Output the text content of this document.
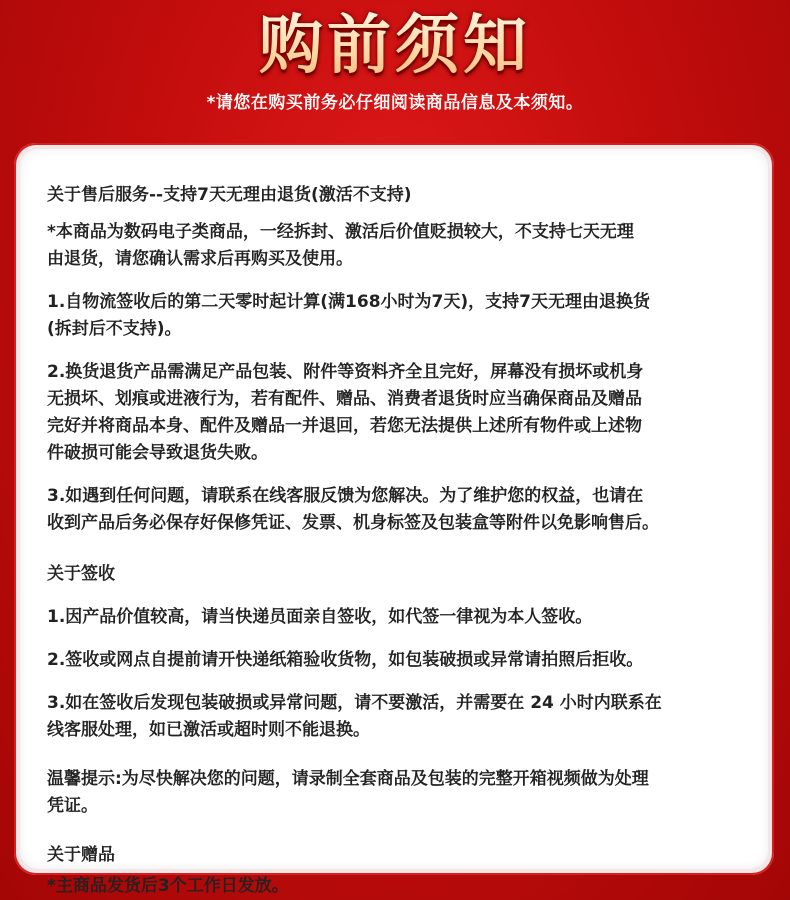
购前须知
*请您在购买前务必仔细阅读商品信息及本须知。
关于售后服务--支持7天无理由退货(激活不支持)
*本商品为数码电子类商品，一经拆封、激活后价值贬损较大，不支持七天无理
由退货，请您确认需求后再购买及使用。
1.自物流签收后的第二天零时起计算(满168小时为7天)，支持7天无理由退换货
(拆封后不支持)。
2.换货退货产品需满足产品包装、附件等资料齐全且完好，屏幕没有损坏或机身
无损坏、划痕或进液行为，若有配件、赠品、消费者退货时应当确保商品及赠品
完好并将商品本身、配件及赠品一并退回，若您无法提供上述所有物件或上述物
件破损可能会导致退货失败。
3.如遇到任何问题，请联系在线客服反馈为您解决。为了维护您的权益，也请在
收到产品后务必保存好保修凭证、发票、机身标签及包装盒等附件以免影响售后。
关于签收
1.因产品价值较高，请当快递员面亲自签收，如代签一律视为本人签收。
2.签收或网点自提前请开快递纸箱验收货物，如包装破损或异常请拍照后拒收。
3.如在签收后发现包装破损或异常问题，请不要激活，并需要在 24 小时内联系在
线客服处理，如已激活或超时则不能退换。
温馨提示:为尽快解决您的问题，请录制全套商品及包装的完整开箱视频做为处理
凭证。
关于赠品
*主商品发货后3个工作日发放。
